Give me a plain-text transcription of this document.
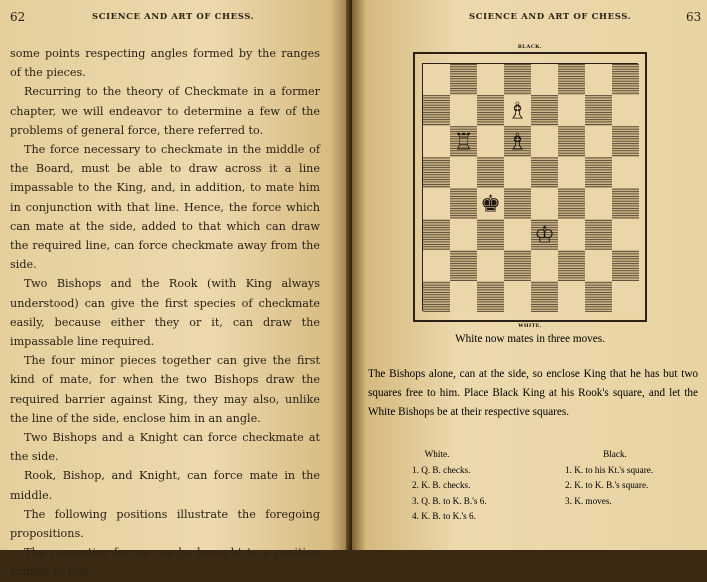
62	SCIENCE AND ART OF CHESS.

some points respecting angles formed by the ranges of the pieces.

Recurring to the theory of Checkmate in a former chapter, we will endeavor to determine a few of the problems of general force, there referred to.

The force necessary to checkmate in the middle of the Board, must be able to draw across it a line impassable to the King, and, in addition, to mate him in conjunction with that line. Hence, the force which can mate at the side, added to that which can draw the required line, can force checkmate away from the side.

Two Bishops and the Rook (with King always understood) can give the first species of checkmate easily, because either they or it, can draw the impassable line required.

The four minor pieces together can give the first kind of mate, for when the two Bishops draw the required barrier against King, they may also, unlike the line of the side, enclose him in an angle.

Two Bishops and a Knight can force checkmate at the side.

Rook, Bishop, and Knight, can force mate in the middle.

The following positions illustrate the foregoing propositions.

The respective forces can be brought to a position similar to this.

SCIENCE AND ART OF CHESS.	63
BLACK.
♗
♗
♖
♚
♔
WHITE.
White now mates in three moves.
The Bishops alone, can at the side, so enclose King that he has but two squares free to him. Place Black King at his Rook's square, and let the White Bishops be at their respective squares.
White.
1. Q. B. checks.
2. K. B. checks.
3. Q. B. to K. B.'s 6.
4. K. B. to K.'s 6.
Black.
1. K. to his Kt.'s square.
2. K. to K. B.'s square.
3. K. moves.
